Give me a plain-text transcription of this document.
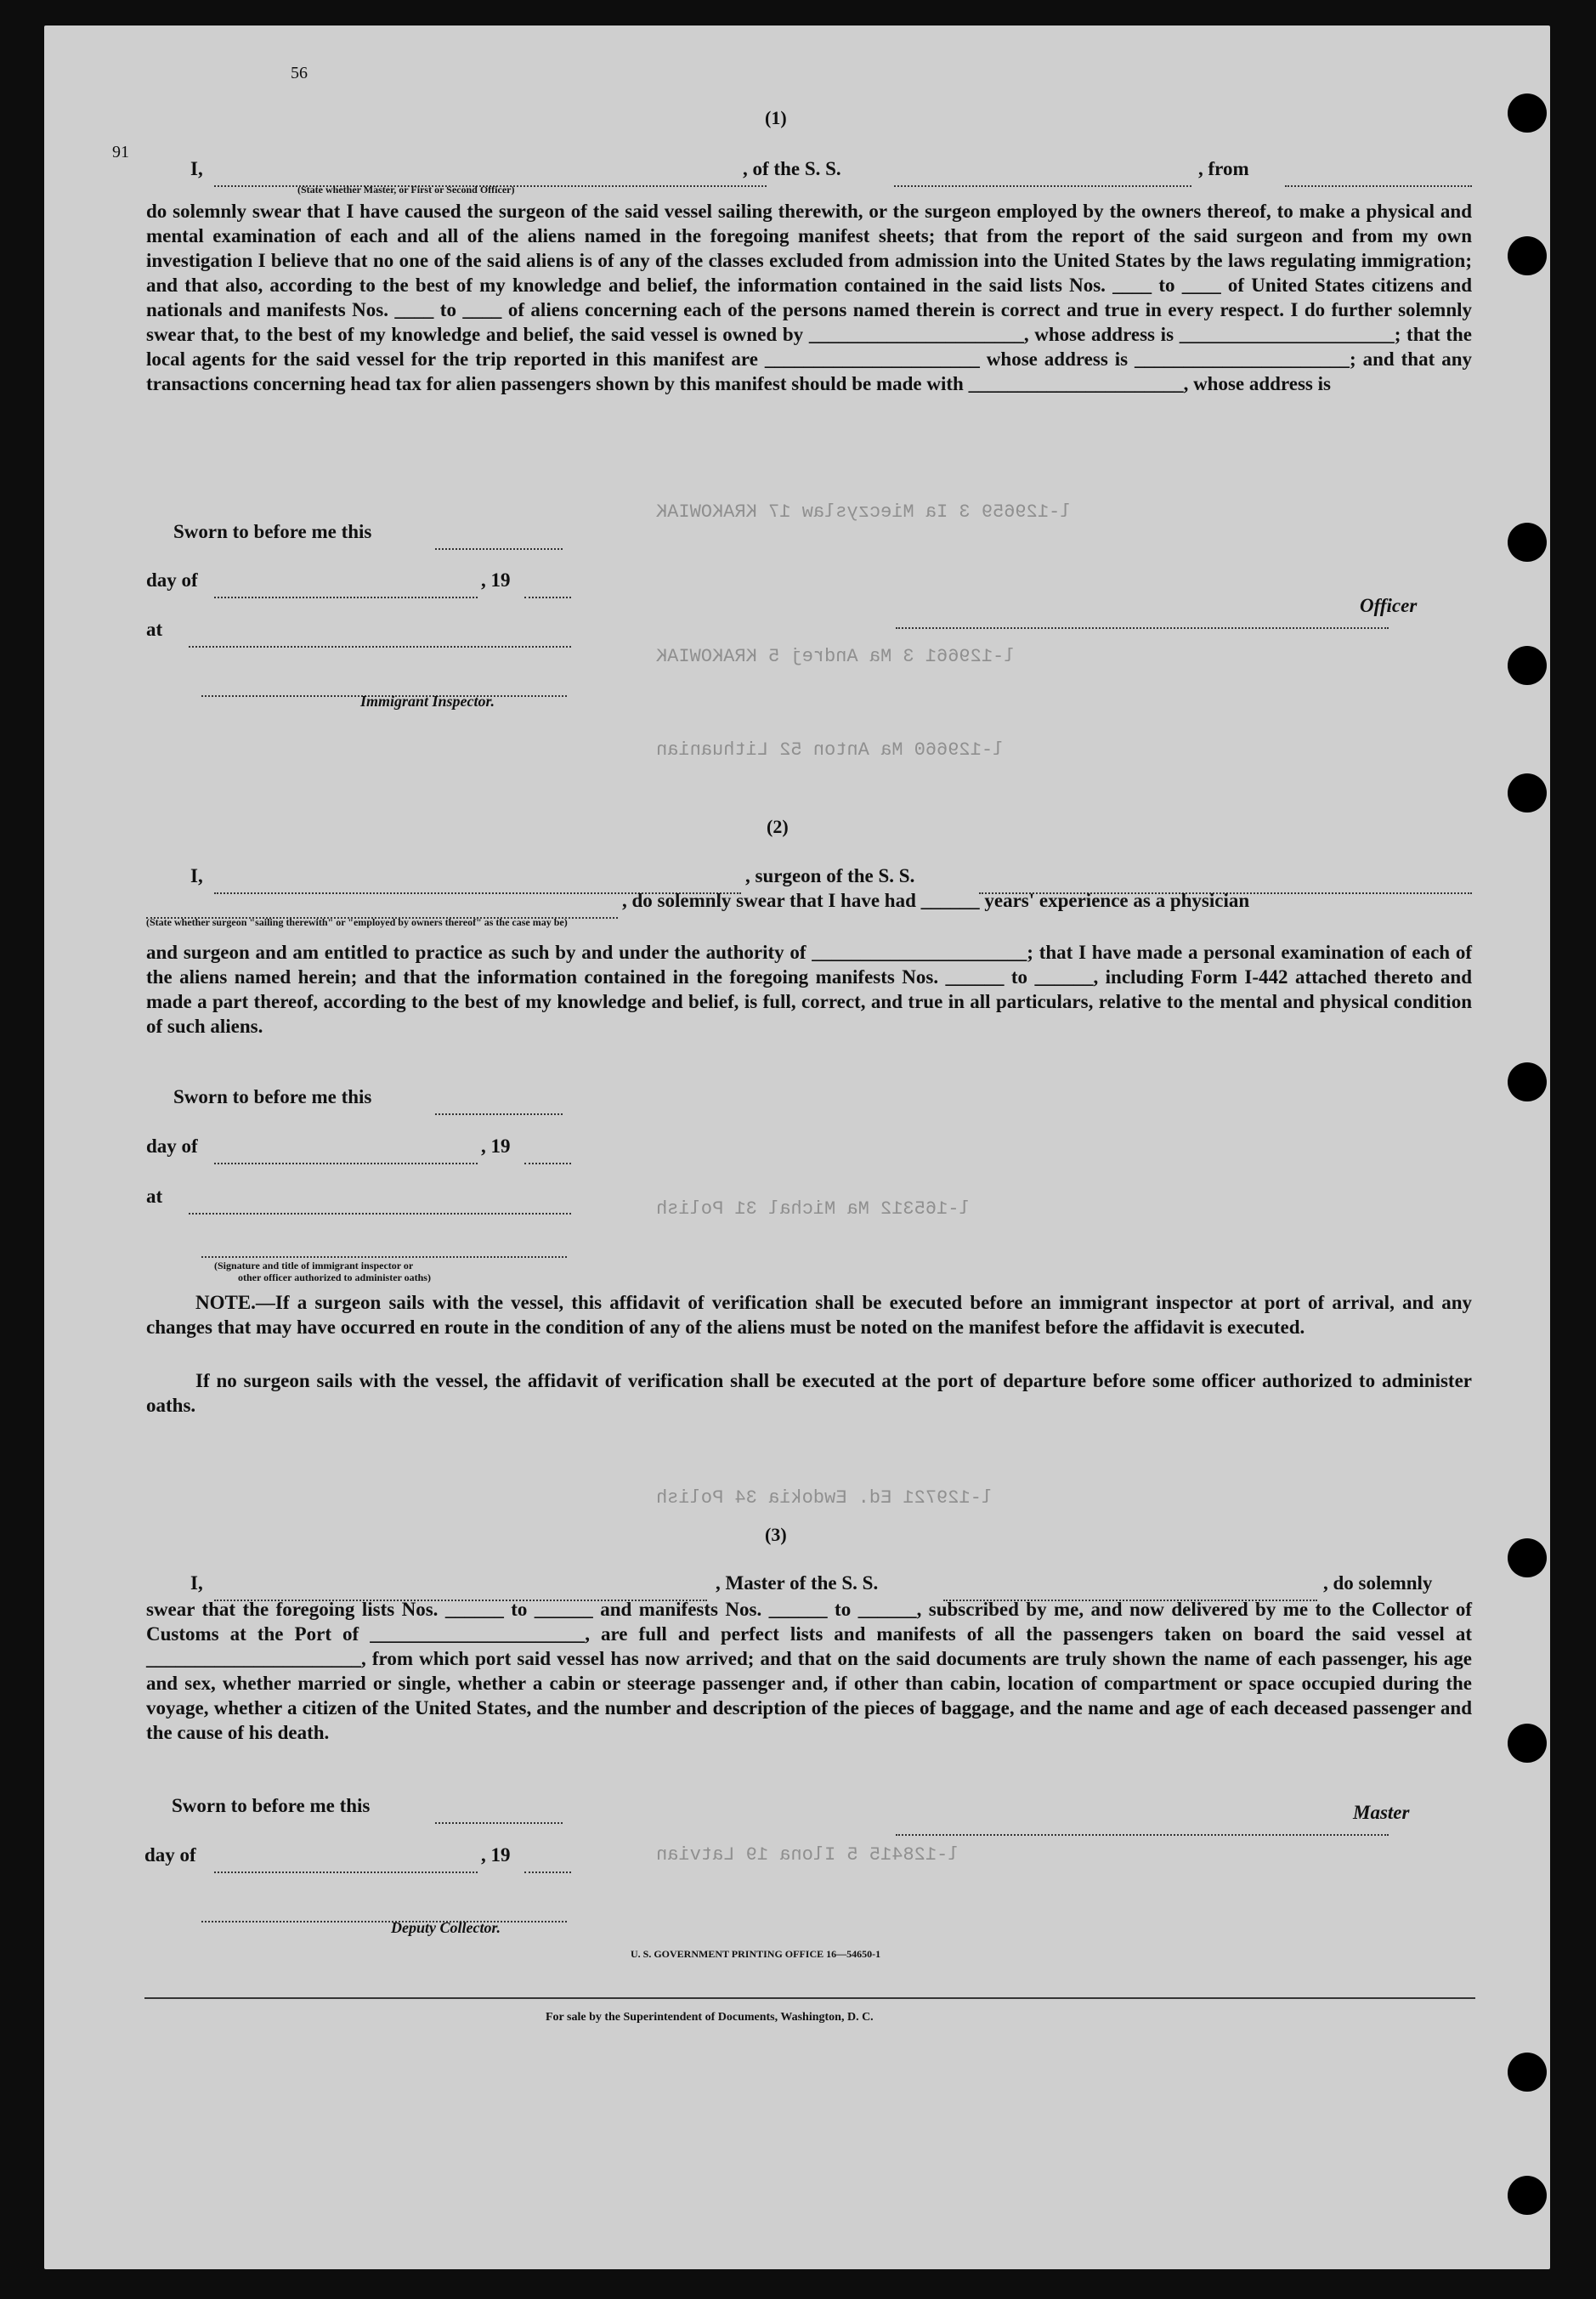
l-129659 3 Ia Mieczyslaw 17 KRAKOWIAK
l-129661 3 Ma Andrej 5 KRAKOWIAK
l-129660 Ma Anton 52 Lithuanian
l-165312 Ma Michal 31 Polish
l-129721 Ed. Ewdokia 34 Polish
l-128415 5 Ilona 19 Latvian
56
91
(1)
I,	, of the S. S.	, from
(State whether Master, or First or Second Officer)
do solemnly swear that I have caused the surgeon of the said vessel sailing therewith, or the surgeon employed by the owners thereof, to make a physical and mental examination of each and all of the aliens named in the foregoing manifest sheets; that from the report of the said surgeon and from my own investigation I believe that no one of the said aliens is of any of the classes excluded from admission into the United States by the laws regulating immigration; and that also, according to the best of my knowledge and belief, the information contained in the said lists Nos. ____ to ____ of United States citizens and nationals and manifests Nos. ____ to ____ of aliens concerning each of the persons named therein is correct and true in every respect. I do further solemnly swear that, to the best of my knowledge and belief, the said vessel is owned by ______________________, whose address is ______________________; that the local agents for the said vessel for the trip reported in this manifest are ______________________ whose address is ______________________; and that any transactions concerning head tax for alien passengers shown by this manifest should be made with ______________________, whose address is
Sworn to before me this
day of	, 19
at
Officer
Immigrant Inspector.
(2)
I,	, surgeon of the S. S.
, do solemnly swear that I have had ______ years' experience as a physician
(State whether surgeon "sailing therewith" or "employed by owners thereof" as the case may be)
and surgeon and am entitled to practice as such by and under the authority of ______________________; that I have made a personal examination of each of the aliens named herein; and that the information contained in the foregoing manifests Nos. ______ to ______, including Form I-442 attached thereto and made a part thereof, according to the best of my knowledge and belief, is full, correct, and true in all particulars, relative to the mental and physical condition of such aliens.
Sworn to before me this
day of	, 19
at
(Signature and title of immigrant inspector or
other officer authorized to administer oaths)
NOTE.—If a surgeon sails with the vessel, this affidavit of verification shall be executed before an immigrant inspector at port of arrival, and any changes that may have occurred en route in the condition of any of the aliens must be noted on the manifest before the affidavit is executed.
If no surgeon sails with the vessel, the affidavit of verification shall be executed at the port of departure before some officer authorized to administer oaths.
(3)
I,	, Master of the S. S.	, do solemnly
swear that the foregoing lists Nos. ______ to ______ and manifests Nos. ______ to ______, subscribed by me, and now delivered by me to the Collector of Customs at the Port of ______________________, are full and perfect lists and manifests of all the passengers taken on board the said vessel at ______________________, from which port said vessel has now arrived; and that on the said documents are truly shown the name of each passenger, his age and sex, whether married or single, whether a cabin or steerage passenger and, if other than cabin, location of compartment or space occupied during the voyage, whether a citizen of the United States, and the number and description of the pieces of baggage, and the name and age of each deceased passenger and the cause of his death.
Sworn to before me this
day of	, 19
Master
Deputy Collector.
U. S. GOVERNMENT PRINTING OFFICE 16—54650-1
For sale by the Superintendent of Documents, Washington, D. C.
